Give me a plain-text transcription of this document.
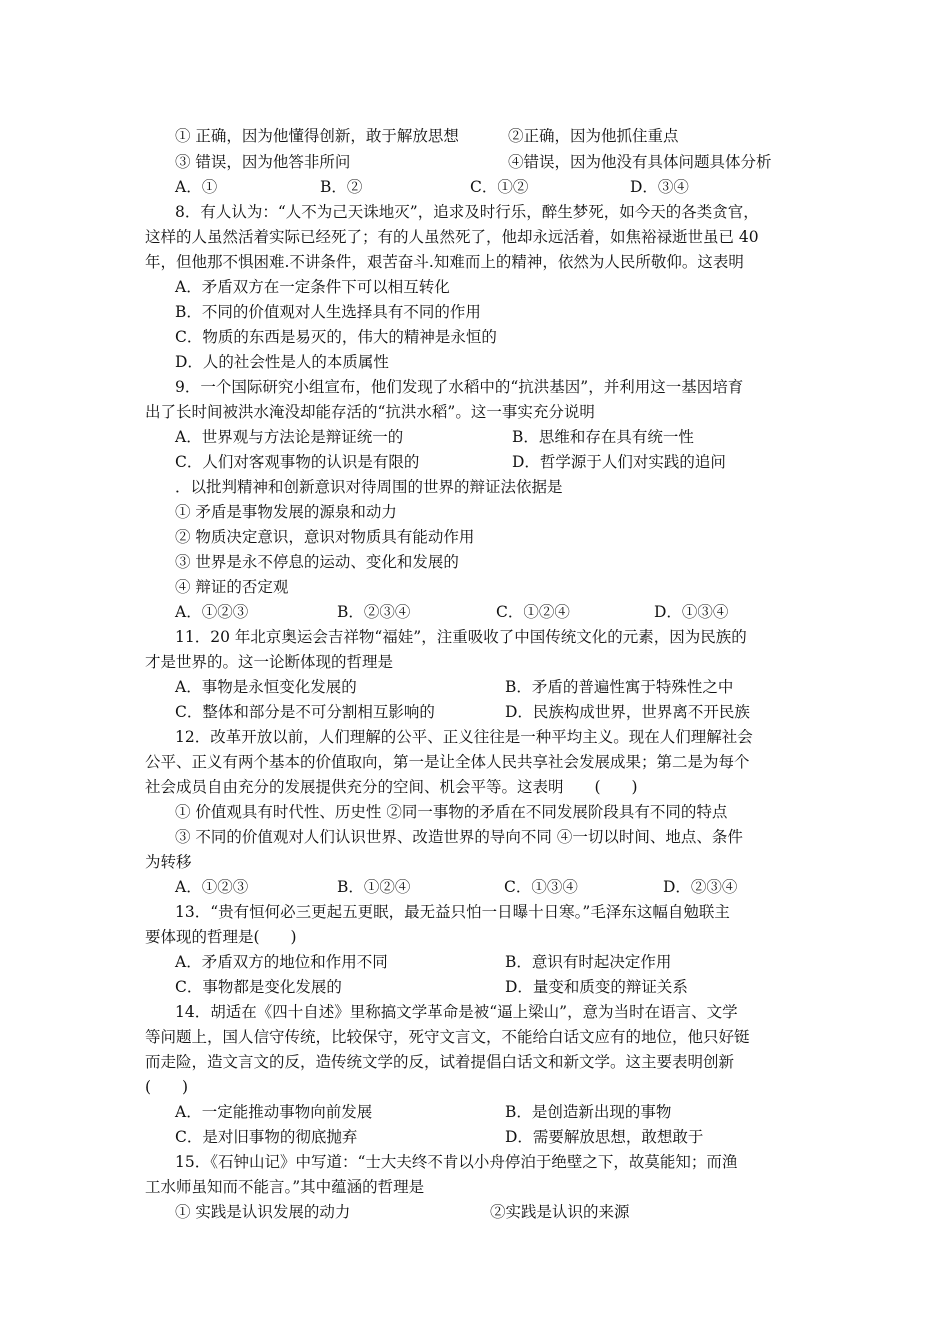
① 正确，因为他懂得创新，敢于解放思想	②正确，因为他抓住重点
③ 错误，因为他答非所问	④错误，因为他没有具体问题具体分析
A．①	B．②	C．①②	D．③④
8．有人认为：“人不为己天诛地灭”，追求及时行乐，醉生梦死，如今天的各类贪官，
这样的人虽然活着实际已经死了；有的人虽然死了，他却永远活着，如焦裕禄逝世虽已 40
年，但他那不惧困难.不讲条件，艰苦奋斗.知难而上的精神，依然为人民所敬仰。这表明
A．矛盾双方在一定条件下可以相互转化
B．不同的价值观对人生选择具有不同的作用
C．物质的东西是易灭的，伟大的精神是永恒的
D．人的社会性是人的本质属性
9．一个国际研究小组宣布，他们发现了水稻中的“抗洪基因”，并利用这一基因培育
出了长时间被洪水淹没却能存活的“抗洪水稻”。这一事实充分说明
A．世界观与方法论是辩证统一的	B．思维和存在具有统一性
C．人们对客观事物的认识是有限的	D．哲学源于人们对实践的追问
．以批判精神和创新意识对待周围的世界的辩证法依据是
① 矛盾是事物发展的源泉和动力
② 物质决定意识，意识对物质具有能动作用
③ 世界是永不停息的运动、变化和发展的
④ 辩证的否定观
A．①②③	B．②③④	C．①②④	D．①③④
11．20 年北京奥运会吉祥物“福娃”，注重吸收了中国传统文化的元素，因为民族的
才是世界的。这一论断体现的哲理是
A．事物是永恒变化发展的	B．矛盾的普遍性寓于特殊性之中
C．整体和部分是不可分割相互影响的	D．民族构成世界，世界离不开民族
12．改革开放以前，人们理解的公平、正义往往是一种平均主义。现在人们理解社会
公平、正义有两个基本的价值取向，第一是让全体人民共享社会发展成果；第二是为每个
社会成员自由充分的发展提供充分的空间、机会平等。这表明　　(　　)
① 价值观具有时代性、历史性 ②同一事物的矛盾在不同发展阶段具有不同的特点
③ 不同的价值观对人们认识世界、改造世界的导向不同 ④一切以时间、地点、条件
为转移
A．①②③	B．①②④	C．①③④	D．②③④
13．“贵有恒何必三更起五更眠，最无益只怕一日曝十日寒。”毛泽东这幅自勉联主
要体现的哲理是(　　)
A．矛盾双方的地位和作用不同	B．意识有时起决定作用
C．事物都是变化发展的	D．量变和质变的辩证关系
14．胡适在《四十自述》里称搞文学革命是被“逼上梁山”，意为当时在语言、文学
等问题上，国人信守传统，比较保守，死守文言文，不能给白话文应有的地位，他只好铤
而走险，造文言文的反，造传统文学的反，试着提倡白话文和新文学。这主要表明创新
(　　)
A．一定能推动事物向前发展	B．是创造新出现的事物
C．是对旧事物的彻底抛弃	D．需要解放思想，敢想敢于
15．《石钟山记》中写道：“士大夫终不肯以小舟停泊于绝壁之下，故莫能知；而渔
工水师虽知而不能言。”其中蕴涵的哲理是
① 实践是认识发展的动力	②实践是认识的来源
